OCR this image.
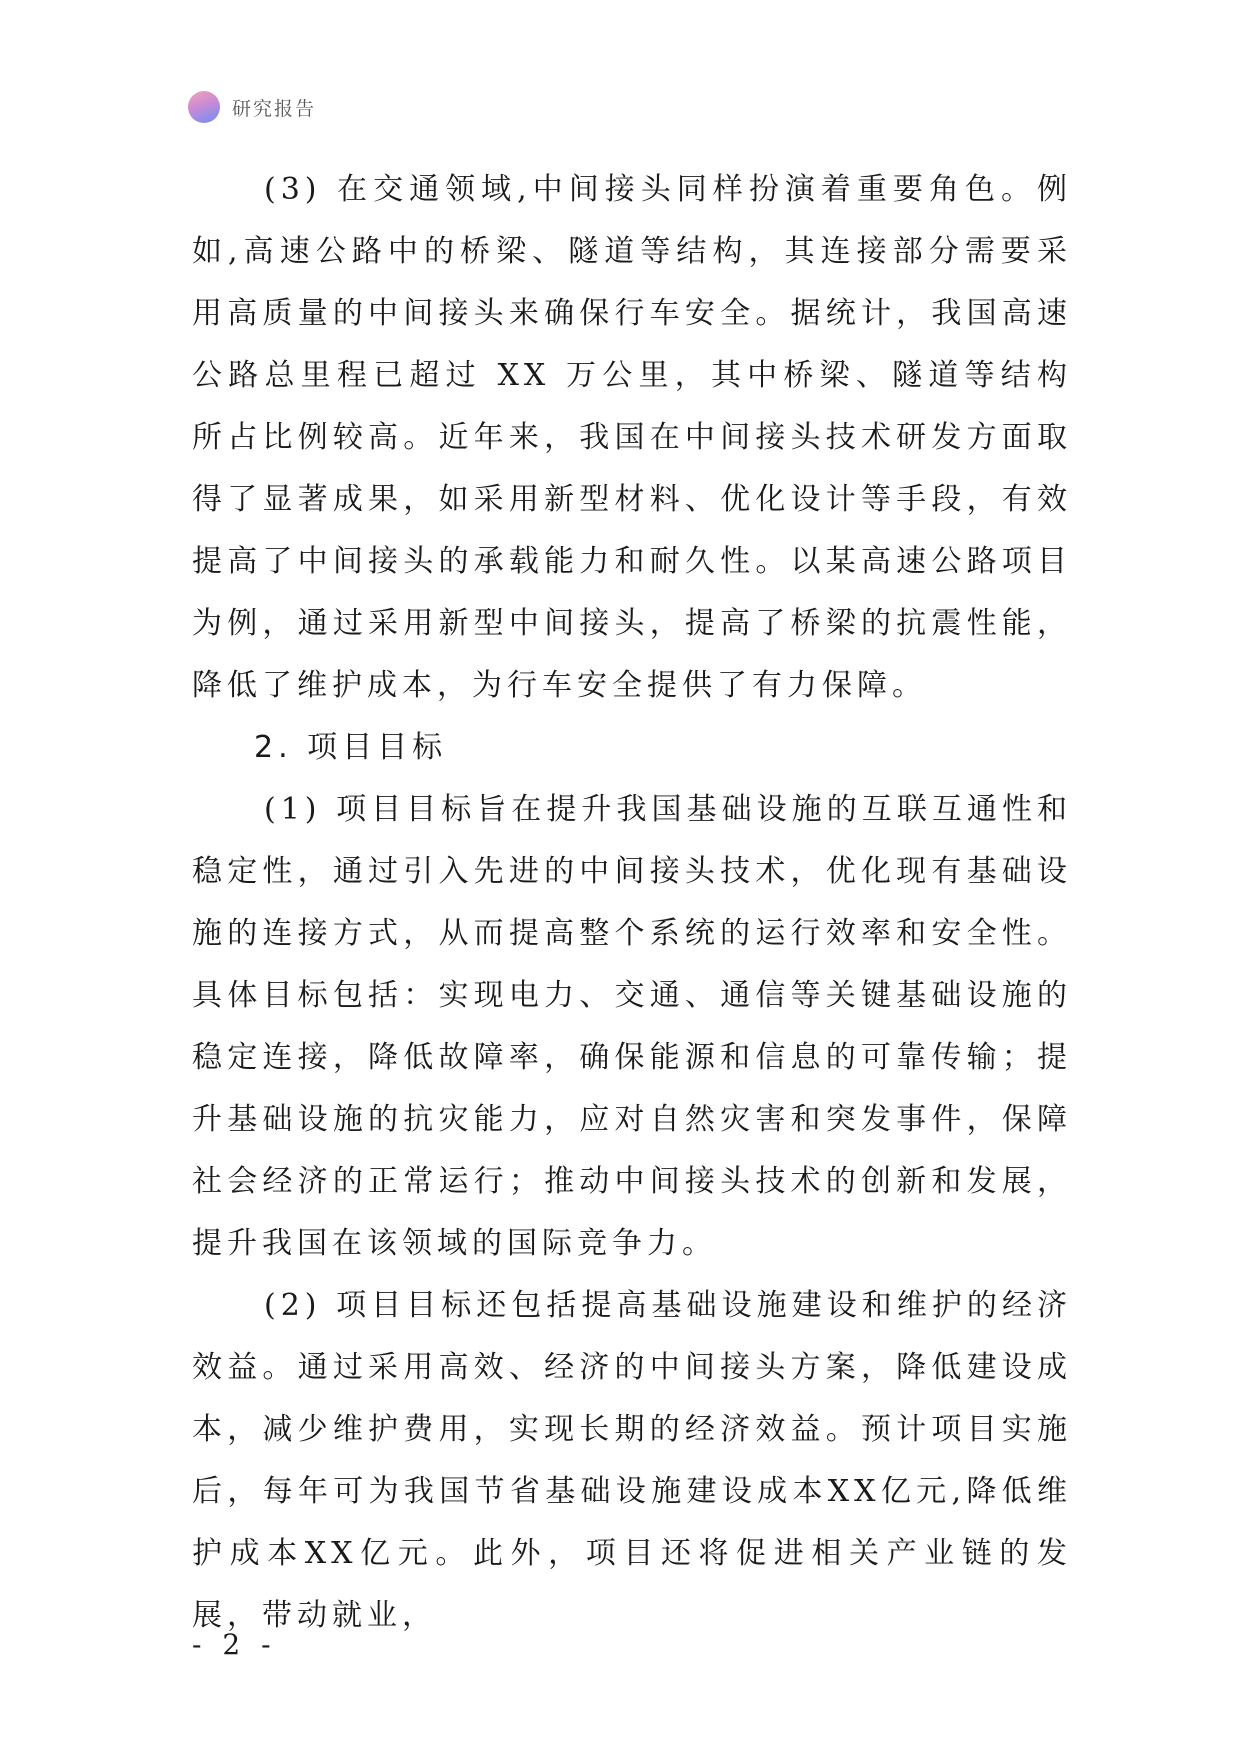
研究报告

(3) 在交通领域,中间接头同样扮演着重要角色。例如,高速公路中的桥梁、隧道等结构，其连接部分需要采用高质量的中间接头来确保行车安全。据统计，我国高速公路总里程已超过 XX 万公里，其中桥梁、隧道等结构所占比例较高。近年来，我国在中间接头技术研发方面取得了显著成果，如采用新型材料、优化设计等手段，有效提高了中间接头的承载能力和耐久性。以某高速公路项目为例，通过采用新型中间接头，提高了桥梁的抗震性能，降低了维护成本，为行车安全提供了有力保障。

2. 项目目标

(1) 项目目标旨在提升我国基础设施的互联互通性和稳定性，通过引入先进的中间接头技术，优化现有基础设施的连接方式，从而提高整个系统的运行效率和安全性。具体目标包括：实现电力、交通、通信等关键基础设施的稳定连接，降低故障率，确保能源和信息的可靠传输；提升基础设施的抗灾能力，应对自然灾害和突发事件，保障社会经济的正常运行；推动中间接头技术的创新和发展，提升我国在该领域的国际竞争力。

(2) 项目目标还包括提高基础设施建设和维护的经济效益。通过采用高效、经济的中间接头方案，降低建设成本，减少维护费用，实现长期的经济效益。预计项目实施后，每年可为我国节省基础设施建设成本XX亿元,降低维护成本XX亿元。此外，项目还将促进相关产业链的发展，带动就业，

- 2 -
